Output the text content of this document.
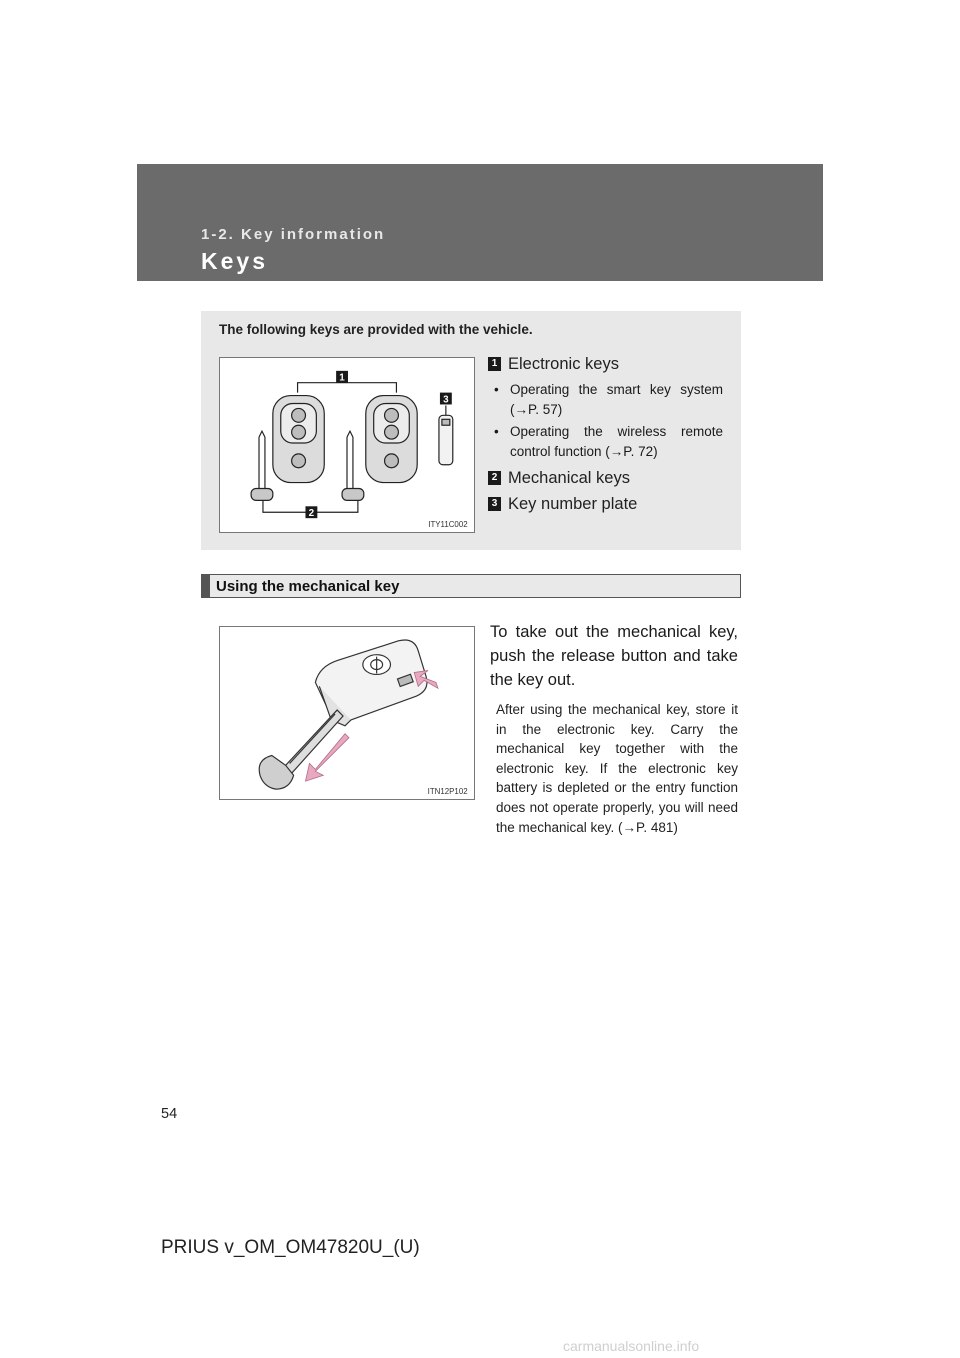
1-2. Key information
Keys
The following keys are provided with the vehicle.
1
3
2
ITY11C002
1 Electronic keys
• Operating the smart key system (→P. 57)
• Operating the wireless remote control function (→P. 72)
2 Mechanical keys
3 Key number plate
Using the mechanical key
ITN12P102
To take out the mechanical key, push the release button and take the key out.
After using the mechanical key, store it in the electronic key. Carry the mechanical key together with the electronic key. If the electronic key battery is depleted or the entry function does not operate properly, you will need the mechanical key. (→P. 481)
54
PRIUS v_OM_OM47820U_(U)
carmanualsonline.info
